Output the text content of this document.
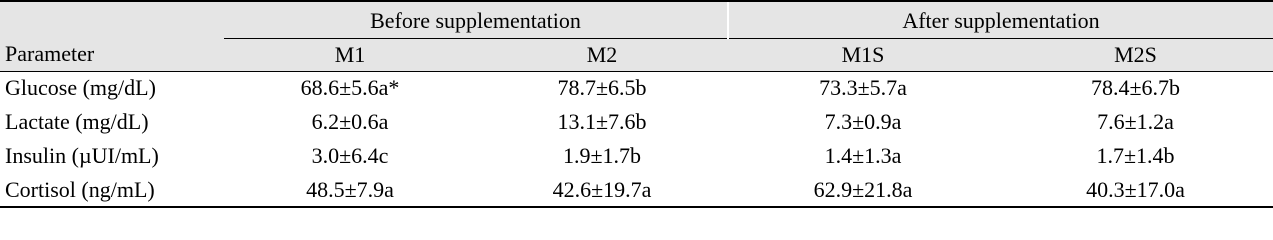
	Before supplementation		After supplementation	
Parameter	M1	M2	M1S	M2S
Glucose (mg/dL)	68.6±5.6a*	78.7±6.5b	73.3±5.7a	78.4±6.7b
Lactate (mg/dL)	6.2±0.6a	13.1±7.6b	7.3±0.9a	7.6±1.2a
Insulin (µUI/mL)	3.0±6.4c	1.9±1.7b	1.4±1.3a	1.7±1.4b
Cortisol (ng/mL)	48.5±7.9a	42.6±19.7a	62.9±21.8a	40.3±17.0a
